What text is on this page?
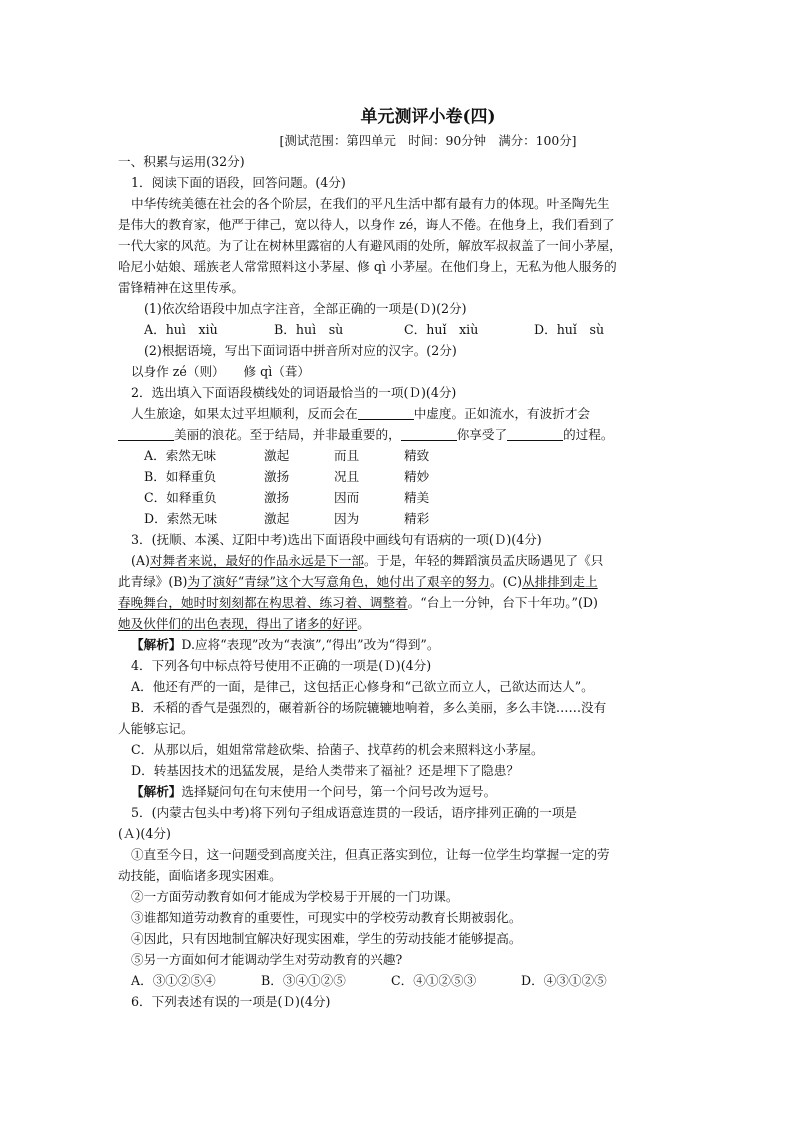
单元测评小卷(四)
[测试范围：第四单元　时间：90分钟　满分：100分]
一、积累与运用(32分)
1．阅读下面的语段，回答问题。(4分)
中华传统美德在社会的各个阶层，在我们的平凡生活中都有最有力的体现。叶圣陶先生
是伟大的教育家，他严于律己，宽以待人，以身作 zé，诲人不倦。在他身上，我们看到了
一代大家的风范。为了让在树林里露宿的人有避风雨的处所，解放军叔叔盖了一间小茅屋，
哈尼小姑娘、瑶族老人常常照料这小茅屋、修 qì 小茅屋。在他们身上，无私为他人服务的
雷锋精神在这里传承。
(1)依次给语段中加点字注音，全部正确的一项是(Ｄ)(2分)
A．huì　xiù	B．huì　sù	C．huǐ　xiù	D．huǐ　sù
(2)根据语境，写出下面词语中拼音所对应的汉字。(2分)
以身作 zé（则）　　修 qì（葺）
2．选出填入下面语段横线处的词语最恰当的一项(Ｄ)(4分)
人生旅途，如果太过平坦顺利，反而会在	中虚度。正如流水，有波折才会
美丽的浪花。至于结局，并非最重要的，	你享受了	的过程。
A．索然无味	激起	而且	精致
B．如释重负	激扬	况且	精妙
C．如释重负	激扬	因而	精美
D．索然无味	激起	因为	精彩
3．(抚顺、本溪、辽阳中考)选出下面语段中画线句有语病的一项(Ｄ)(4分)
(A)对舞者来说，最好的作品永远是下一部。于是，年轻的舞蹈演员孟庆旸遇见了《只
此青绿》(B)为了演好“青绿”这个大写意角色，她付出了艰辛的努力。(C)从排排到走上
春晚舞台，她时时刻刻都在构思着、练习着、调整着。“台上一分钟，台下十年功。”(D)
她及伙伴们的出色表现，得出了诸多的好评。
【解析】D.应将“表现”改为“表演”,“得出”改为“得到”。
4．下列各句中标点符号使用不正确的一项是(Ｄ)(4分)
A．他还有严的一面，是律己，这包括正心修身和“己欲立而立人，己欲达而达人”。
B．禾稻的香气是强烈的，碾着新谷的场院辘辘地响着，多么美丽，多么丰饶……没有
人能够忘记。
C．从那以后，姐姐常常趁砍柴、拾菌子、找草药的机会来照料这小茅屋。
D．转基因技术的迅猛发展，是给人类带来了福祉？还是埋下了隐患？
【解析】选择疑问句在句末使用一个问号，第一个问号改为逗号。
5．(内蒙古包头中考)将下列句子组成语意连贯的一段话，语序排列正确的一项是
(Ａ)(4分)
①直至今日，这一问题受到高度关注，但真正落实到位，让每一位学生均掌握一定的劳
动技能，面临诸多现实困难。
②一方面劳动教育如何才能成为学校易于开展的一门功课。
③谁都知道劳动教育的重要性，可现实中的学校劳动教育长期被弱化。
④因此，只有因地制宜解决好现实困难，学生的劳动技能才能够提高。
⑤另一方面如何才能调动学生对劳动教育的兴趣?
A．③①②⑤④	B．③④①②⑤	C．④①②⑤③	D．④③①②⑤
6．下列表述有误的一项是(Ｄ)(4分)
